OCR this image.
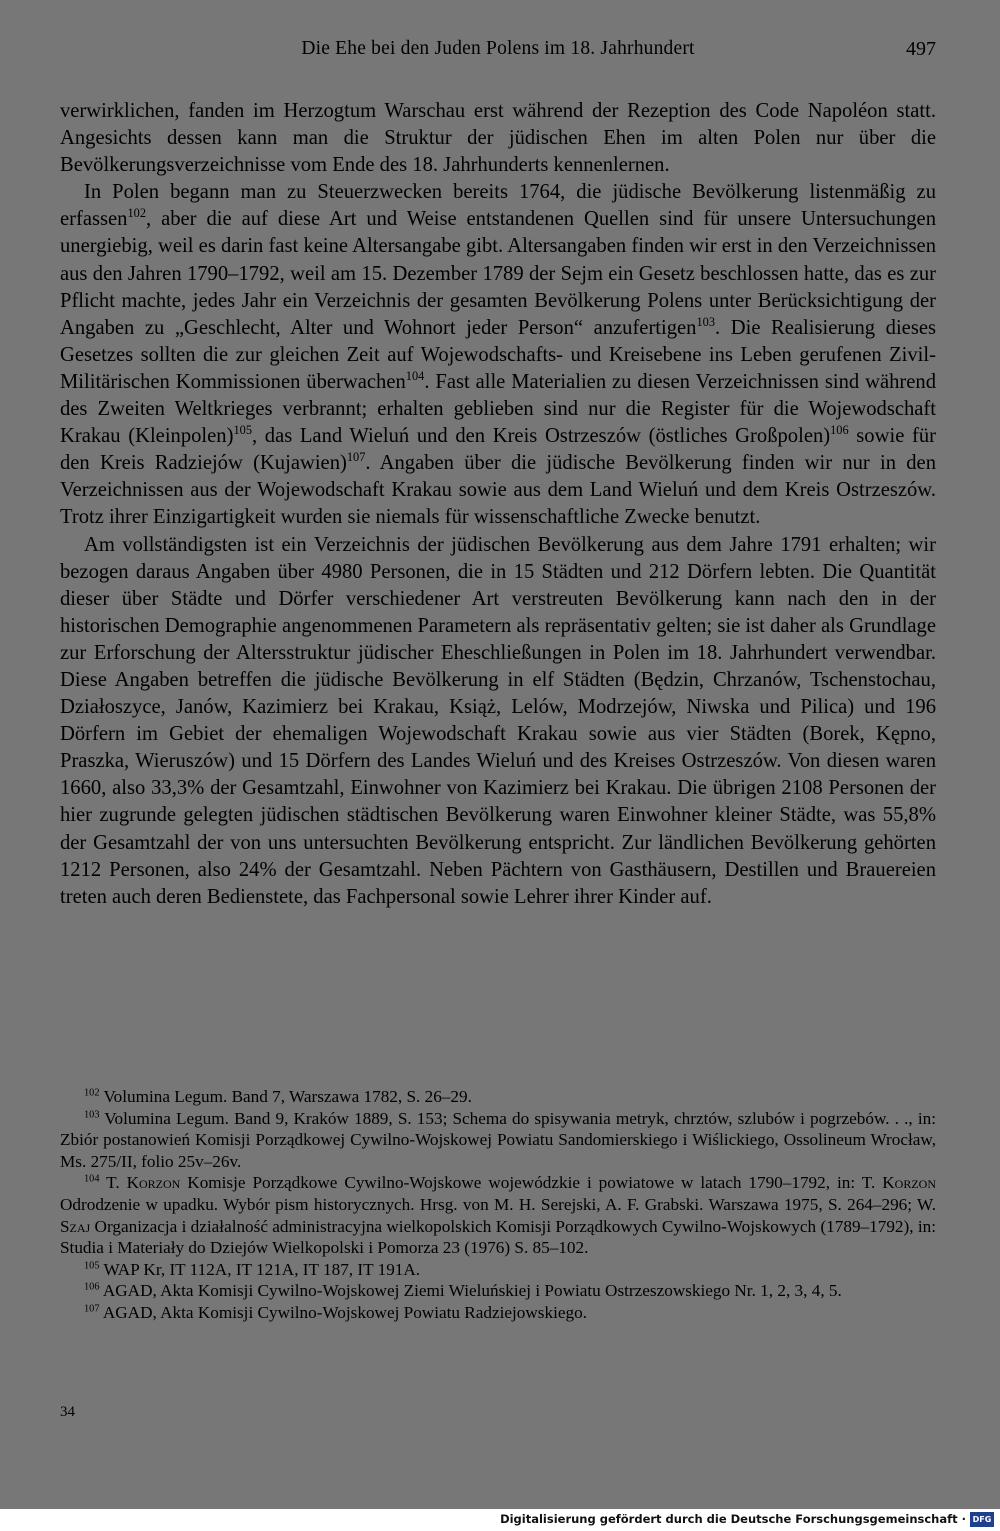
Die Ehe bei den Juden Polens im 18. Jahrhundert	497

verwirklichen, fanden im Herzogtum Warschau erst während der Rezeption des Code Napoléon statt. Angesichts dessen kann man die Struktur der jüdischen Ehen im alten Polen nur über die Bevölkerungsverzeichnisse vom Ende des 18. Jahrhunderts kennenlernen.

In Polen begann man zu Steuerzwecken bereits 1764, die jüdische Bevölkerung listenmäßig zu erfassen$^{102}$, aber die auf diese Art und Weise entstandenen Quellen sind für unsere Untersuchungen unergiebig, weil es darin fast keine Altersangabe gibt. Altersangaben finden wir erst in den Verzeichnissen aus den Jahren 1790–1792, weil am 15. Dezember 1789 der Sejm ein Gesetz beschlossen hatte, das es zur Pflicht machte, jedes Jahr ein Verzeichnis der gesamten Bevölkerung Polens unter Berücksichtigung der Angaben zu „Geschlecht, Alter und Wohnort jeder Person“ anzufertigen$^{103}$. Die Realisierung dieses Gesetzes sollten die zur gleichen Zeit auf Wojewodschafts- und Kreisebene ins Leben gerufenen Zivil-Militärischen Kommissionen überwachen$^{104}$. Fast alle Materialien zu diesen Verzeichnissen sind während des Zweiten Weltkrieges verbrannt; erhalten geblieben sind nur die Register für die Wojewodschaft Krakau (Kleinpolen)$^{105}$, das Land Wieluń und den Kreis Ostrzeszów (östliches Großpolen)$^{106}$ sowie für den Kreis Radziejów (Kujawien)$^{107}$. Angaben über die jüdische Bevölkerung finden wir nur in den Verzeichnissen aus der Wojewodschaft Krakau sowie aus dem Land Wieluń und dem Kreis Ostrzeszów. Trotz ihrer Einzigartigkeit wurden sie niemals für wissenschaftliche Zwecke benutzt.

Am vollständigsten ist ein Verzeichnis der jüdischen Bevölkerung aus dem Jahre 1791 erhalten; wir bezogen daraus Angaben über 4980 Personen, die in 15 Städten und 212 Dörfern lebten. Die Quantität dieser über Städte und Dörfer verschiedener Art verstreuten Bevölkerung kann nach den in der historischen Demographie angenommenen Parametern als repräsentativ gelten; sie ist daher als Grundlage zur Erforschung der Altersstruktur jüdischer Eheschließungen in Polen im 18. Jahrhundert verwendbar. Diese Angaben betreffen die jüdische Bevölkerung in elf Städten (Będzin, Chrzanów, Tschenstochau, Działoszyce, Janów, Kazimierz bei Krakau, Książ, Lelów, Modrzejów, Niwska und Pilica) und 196 Dörfern im Gebiet der ehemaligen Wojewodschaft Krakau sowie aus vier Städten (Borek, Kępno, Praszka, Wieruszów) und 15 Dörfern des Landes Wieluń und des Kreises Ostrzeszów. Von diesen waren 1660, also 33,3% der Gesamtzahl, Einwohner von Kazimierz bei Krakau. Die übrigen 2108 Personen der hier zugrunde gelegten jüdischen städtischen Bevölkerung waren Einwohner kleiner Städte, was 55,8% der Gesamtzahl der von uns untersuchten Bevölkerung entspricht. Zur ländlichen Bevölkerung gehörten 1212 Personen, also 24% der Gesamtzahl. Neben Pächtern von Gasthäusern, Destillen und Brauereien treten auch deren Bedienstete, das Fachpersonal sowie Lehrer ihrer Kinder auf.

$^{102}$ Volumina Legum. Band 7, Warszawa 1782, S. 26–29.

$^{103}$ Volumina Legum. Band 9, Kraków 1889, S. 153; Schema do spisywania metryk, chrztów, szlubów i pogrzebów. . ., in: Zbiór postanowień Komisji Porządkowej Cywilno-Wojskowej Powiatu Sandomierskiego i Wiślickiego, Ossolineum Wrocław, Ms. 275/II, folio 25v–26v.

$^{104}$ T. Korzon Komisje Porządkowe Cywilno-Wojskowe wojewódzkie i powiatowe w latach 1790–1792, in: T. Korzon Odrodzenie w upadku. Wybór pism historycznych. Hrsg. von M. H. Serejski, A. F. Grabski. Warszawa 1975, S. 264–296; W. Szaj Organizacja i działalność administracyjna wielkopolskich Komisji Porządkowych Cywilno-Wojskowych (1789–1792), in: Studia i Materiały do Dziejów Wielkopolski i Pomorza 23 (1976) S. 85–102.

$^{105}$ WAP Kr, IT 112A, IT 121A, IT 187, IT 191A.

$^{106}$ AGAD, Akta Komisji Cywilno-Wojskowej Ziemi Wieluńskiej i Powiatu Ostrzeszowskiego Nr. 1, 2, 3, 4, 5.

$^{107}$ AGAD, Akta Komisji Cywilno-Wojskowej Powiatu Radziejowskiego.

34
Digitalisierung gefördert durch die Deutsche Forschungsgemeinschaft · DFG
